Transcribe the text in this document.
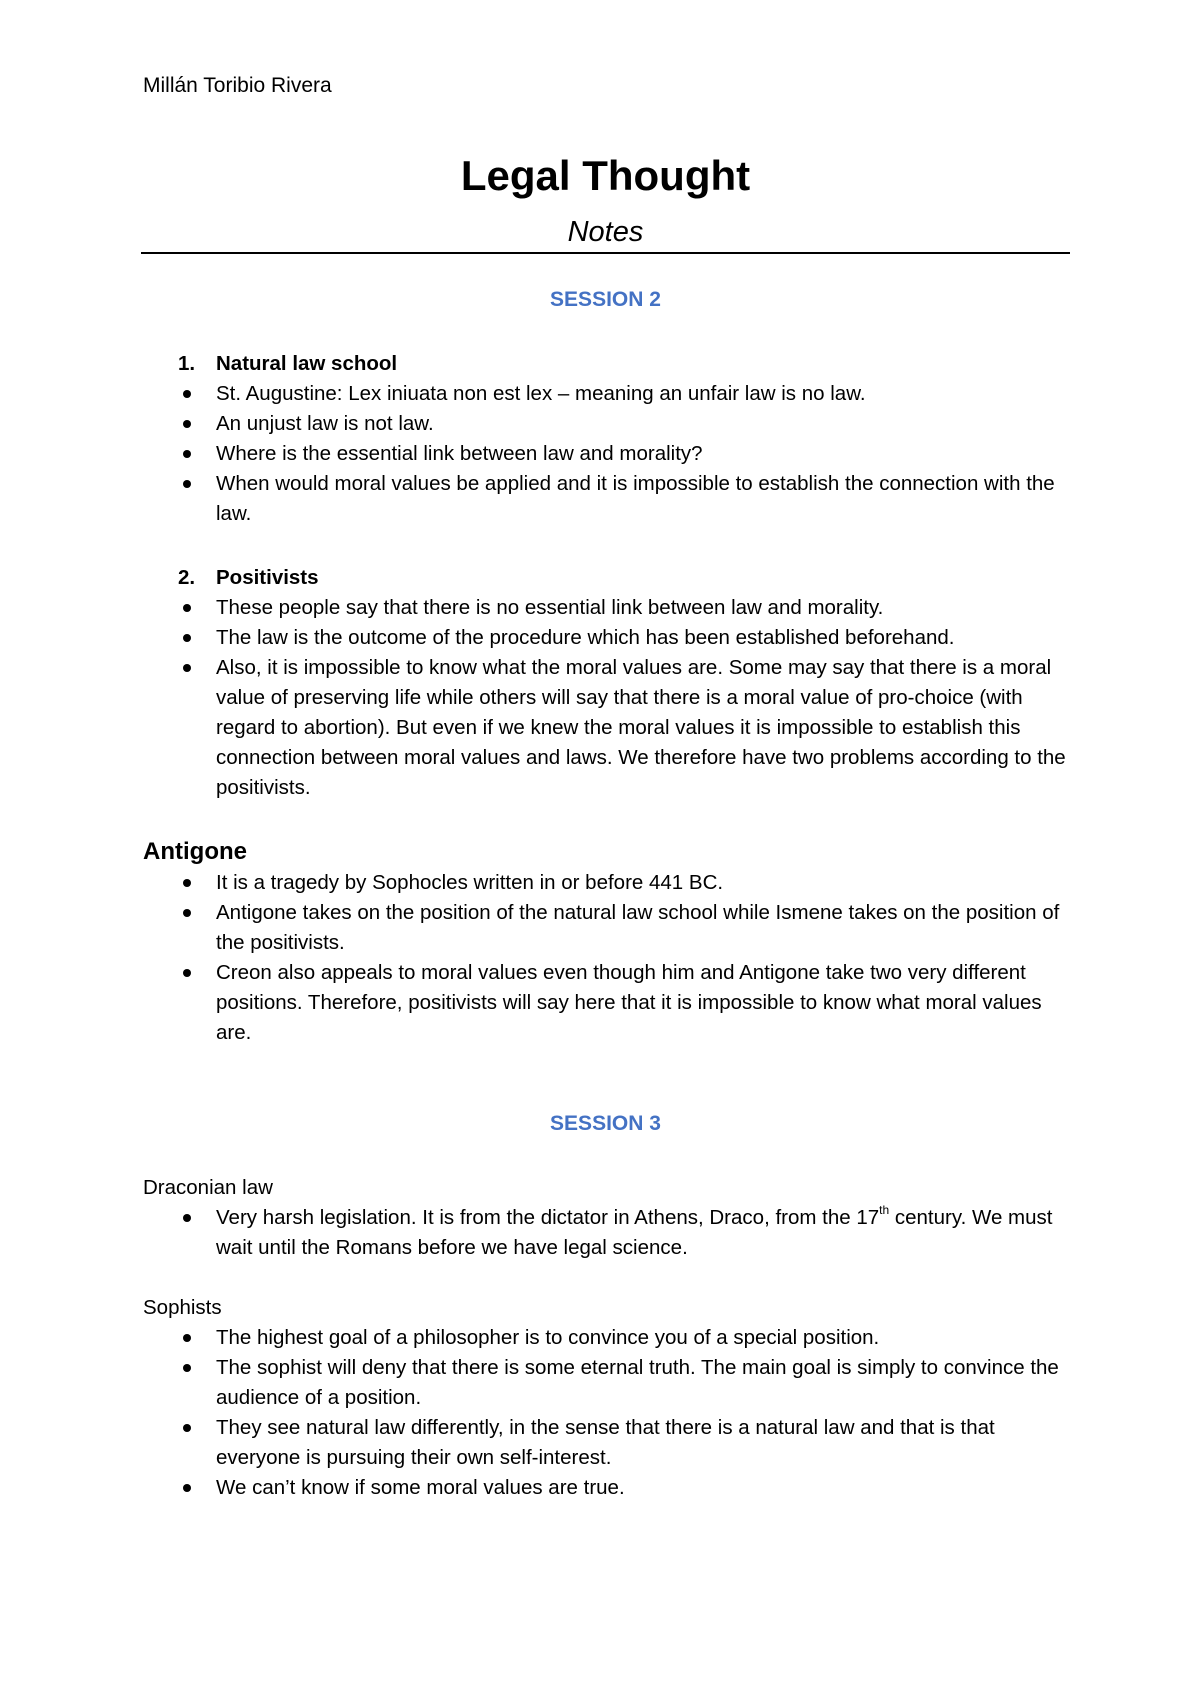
Millán Toribio Rivera
Legal Thought
Notes
SESSION 2
1. Natural law school
St. Augustine: Lex iniuata non est lex – meaning an unfair law is no law.
An unjust law is not law.
Where is the essential link between law and morality?
When would moral values be applied and it is impossible to establish the connection with the law.
2. Positivists
These people say that there is no essential link between law and morality.
The law is the outcome of the procedure which has been established beforehand.
Also, it is impossible to know what the moral values are. Some may say that there is a moral value of preserving life while others will say that there is a moral value of pro-choice (with regard to abortion). But even if we knew the moral values it is impossible to establish this connection between moral values and laws. We therefore have two problems according to the positivists.
Antigone
It is a tragedy by Sophocles written in or before 441 BC.
Antigone takes on the position of the natural law school while Ismene takes on the position of the positivists.
Creon also appeals to moral values even though him and Antigone take two very different positions. Therefore, positivists will say here that it is impossible to know what moral values are.
SESSION 3
Draconian law
Very harsh legislation. It is from the dictator in Athens, Draco, from the 17th century. We must wait until the Romans before we have legal science.
Sophists
The highest goal of a philosopher is to convince you of a special position.
The sophist will deny that there is some eternal truth. The main goal is simply to convince the audience of a position.
They see natural law differently, in the sense that there is a natural law and that is that everyone is pursuing their own self-interest.
We can’t know if some moral values are true.
